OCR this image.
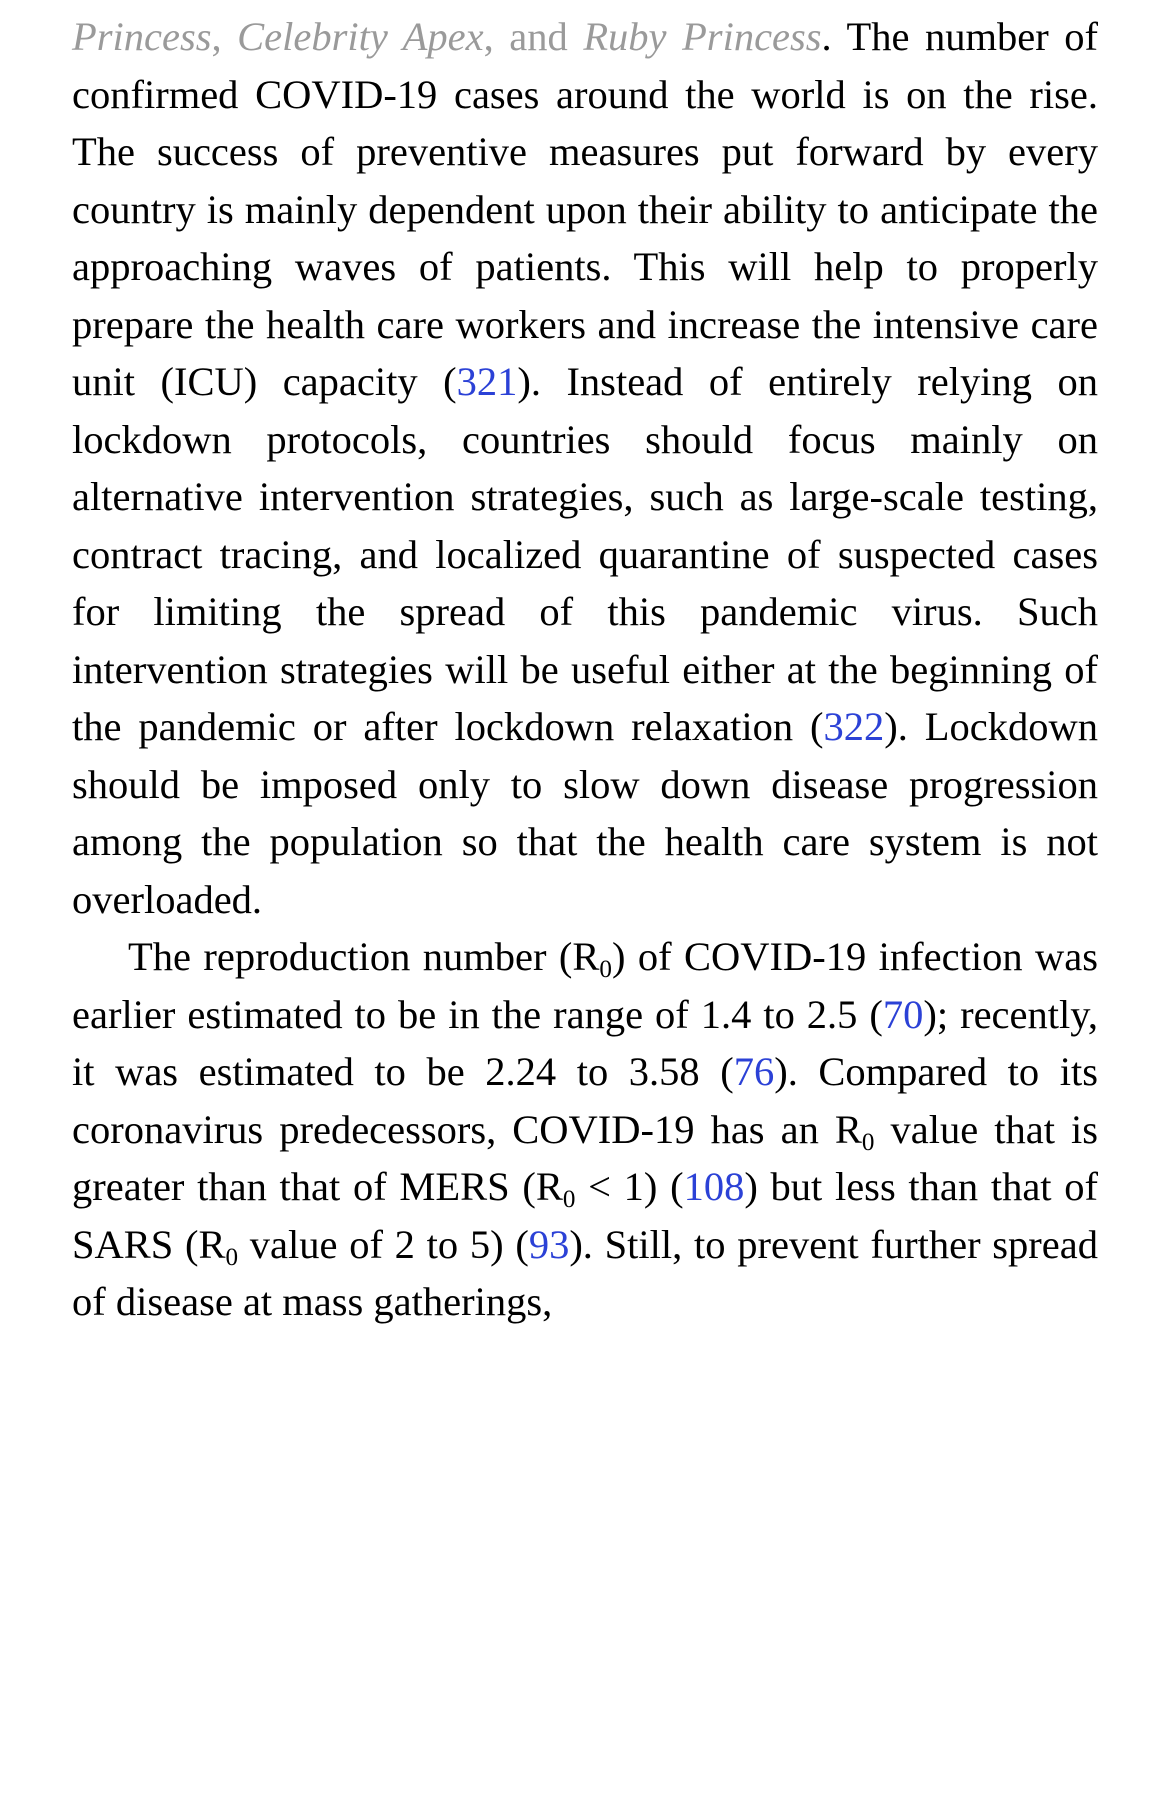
Princess, Celebrity Apex, and Ruby Princess. The number of confirmed COVID-19 cases around the world is on the rise. The success of preventive measures put forward by every country is mainly dependent upon their ability to anticipate the approaching waves of patients. This will help to properly prepare the health care workers and increase the intensive care unit (ICU) capacity (321). Instead of entirely relying on lockdown protocols, countries should focus mainly on alternative intervention strategies, such as large-scale testing, contract tracing, and localized quarantine of suspected cases for limiting the spread of this pandemic virus. Such intervention strategies will be useful either at the beginning of the pandemic or after lockdown relaxation (322). Lockdown should be imposed only to slow down disease progression among the population so that the health care system is not overloaded.

The reproduction number $(R_0)$ of COVID-19 infection was earlier estimated to be in the range of 1.4 to 2.5 (70); recently, it was estimated to be 2.24 to 3.58 (76). Compared to its coronavirus predecessors, COVID-19 has an $R_0$ value that is greater than that of MERS $(R_0 < 1)$ (108) but less than that of SARS ($R_0$ value of 2 to 5) (93). Still, to prevent further spread of disease at mass gatherings,
